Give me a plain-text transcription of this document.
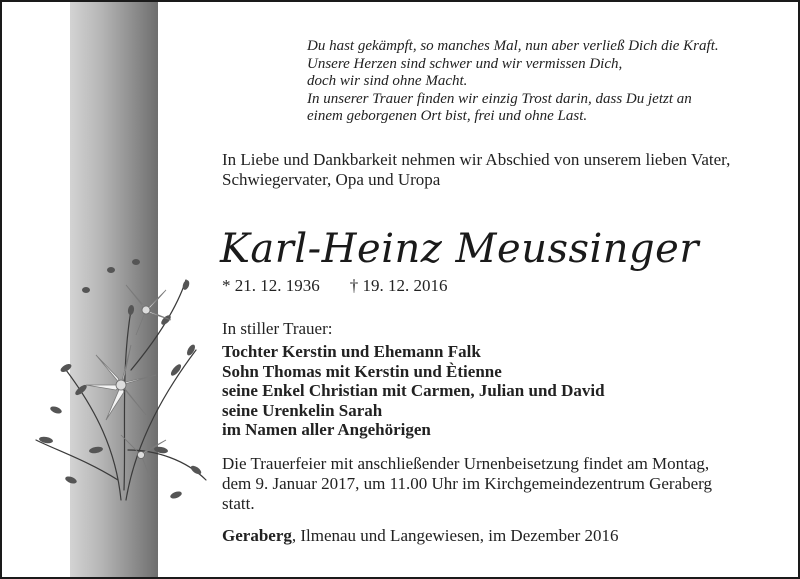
Du hast gekämpft, so manches Mal, nun aber verließ Dich die Kraft.
Unsere Herzen sind schwer und wir vermissen Dich,
doch wir sind ohne Macht.
In unserer Trauer finden wir einzig Trost darin, dass Du jetzt an
einem geborgenen Ort bist, frei und ohne Last.

In Liebe und Dankbarkeit nehmen wir Abschied von unserem lieben Vater, Schwiegervater, Opa und Uropa

Karl-Heinz Meussinger
* 21. 12. 1936 † 19. 12. 2016

In stiller Trauer:

Tochter Kerstin und Ehemann Falk
Sohn Thomas mit Kerstin und Ètienne
seine Enkel Christian mit Carmen, Julian und David
seine Urenkelin Sarah
im Namen aller Angehörigen
Die Trauerfeier mit anschließender Urnenbeisetzung findet am Montag,
dem 9. Januar 2017, um 11.00 Uhr im Kirchgemeindezentrum Geraberg
statt.

Geraberg, Ilmenau und Langewiesen, im Dezember 2016
